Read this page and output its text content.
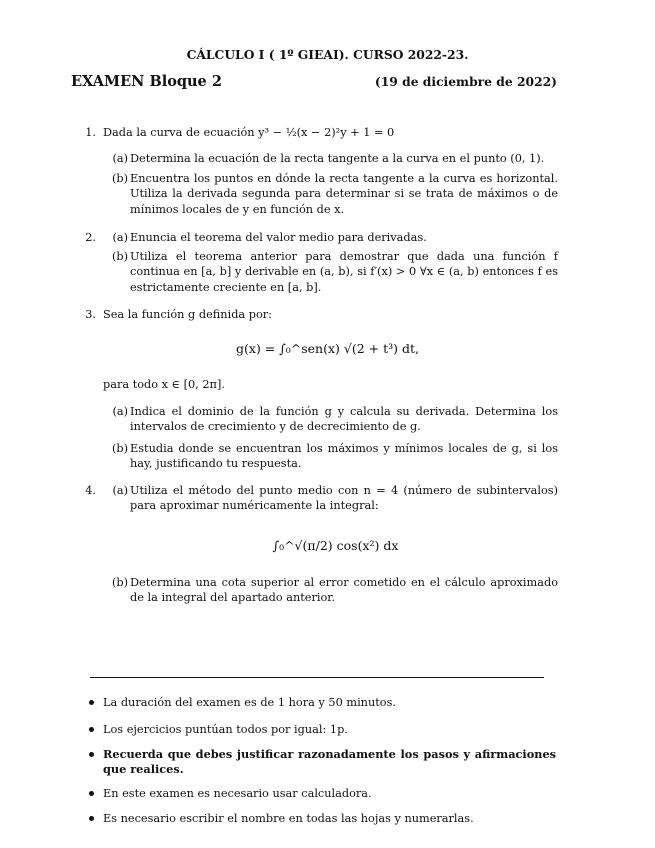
CÁLCULO I ( 1º GIEAI). CURSO 2022-23.
EXAMEN Bloque 2	(19 de diciembre de 2022)
1. Dada la curva de ecuación y³ − ½(x − 2)²y + 1 = 0
(a) Determina la ecuación de la recta tangente a la curva en el punto (0, 1).
(b) Encuentra los puntos en dónde la recta tangente a la curva es horizontal. Utiliza la derivada segunda para determinar si se trata de máximos o de mínimos locales de y en función de x.
2.	(a) Enuncia el teorema del valor medio para derivadas.
(b) Utiliza el teorema anterior para demostrar que dada una función f continua en [a, b] y derivable en (a, b), si f′(x) > 0 ∀x ∈ (a, b) entonces f es estrictamente creciente en [a, b].
3. Sea la función g definida por:
g(x) = ∫₀^sen(x) √(2 + t³) dt,
para todo x ∈ [0, 2π].
(a) Indica el dominio de la función g y calcula su derivada. Determina los intervalos de crecimiento y de decrecimiento de g.
(b) Estudia donde se encuentran los máximos y mínimos locales de g, si los hay, justificando tu respuesta.
4.	(a) Utiliza el método del punto medio con n = 4 (número de subintervalos) para aproximar numéricamente la integral:
∫₀^√(π/2) cos(x²) dx
(b) Determina una cota superior al error cometido en el cálculo aproximado de la integral del apartado anterior.
La duración del examen es de 1 hora y 50 minutos.
Los ejercicios puntúan todos por igual: 1p.
Recuerda que debes justificar razonadamente los pasos y afirmaciones que realices.
En este examen es necesario usar calculadora.
Es necesario escribir el nombre en todas las hojas y numerarlas.
